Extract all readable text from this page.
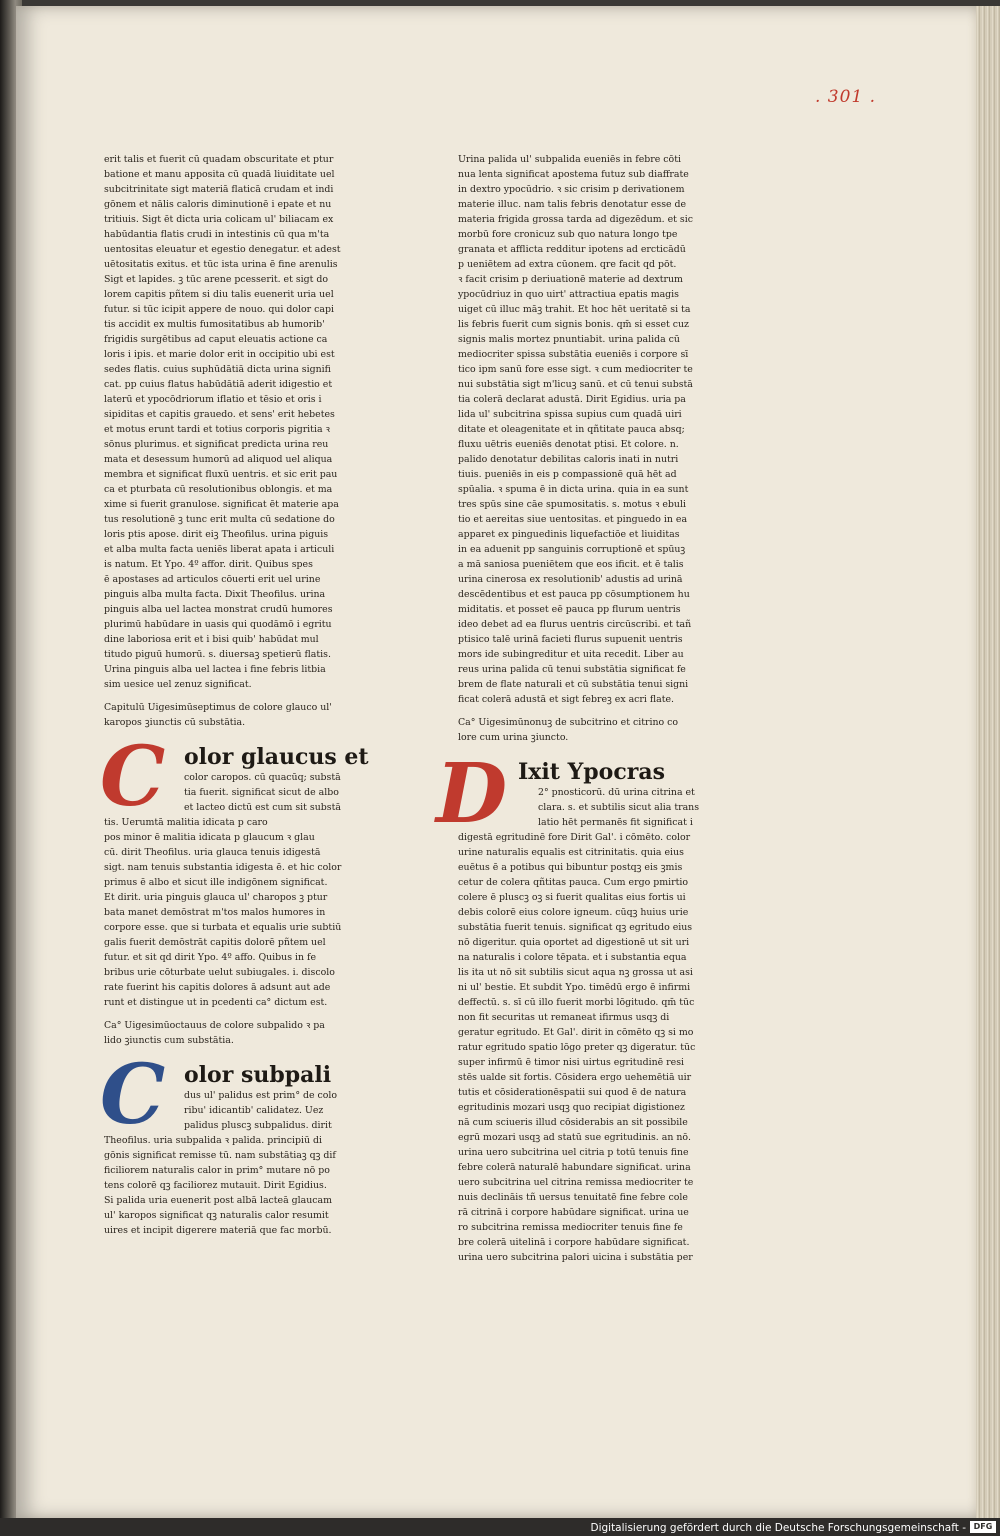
. 301 .
erit talis et fuerit cū quadam obscuritate et ptur
batione et manu apposita cū quadā liuiditate uel
subcitrinitate sigt materiā flaticā crudam et indi
gōnem et nālis caloris diminutionē i epate et nu
tritiuis. Sigt ēt dicta uria colicam ul' biliacam ex
habūdantia flatis crudi in intestinis cū qua m'ta
uentositas eleuatur et egestio denegatur. et adest
uētositatis exitus. et tūc ista urina ē fine arenulis
Sigt et lapides. ꝫ tūc arene pcesserit. et sigt do
lorem capitis pñtem si diu talis euenerit uria uel
futur. si tūc icipit appere de nouo. qui dolor capi
tis accidit ex multis fumositatibus ab humorib'
frigidis surgētibus ad caput eleuatis actione ca
loris i ipis. et marie dolor erit in occipitio ubi est
sedes flatis. cuius suphūdātiā dicta urina signifi
cat. pp cuius flatus habūdātiā aderit idigestio et
laterū et ypocōdriorum iflatio et tēsio et oris i
sipiditas et capitis grauedo. et sens' erit hebetes
et motus erunt tardi et totius corporis pigritia ꝛ
sōnus plurimus. et significat predicta urina reu
mata et desessum humorū ad aliquod uel aliqua
membra et significat fluxū uentris. et sic erit pau
ca et pturbata cū resolutionibus oblongis. et ma
xime si fuerit granulose. significat ēt materie apa
tus resolutionē ꝫ tunc erit multa cū sedatione do
loris ptis apose. dirit eiꝫ Theofilus. urina piguis
et alba multa facta ueniēs liberat apata i articuli
is natum. Et Ypo. 4º affor. dirit. Quibus spes
ē apostases ad articulos cōuerti erit uel urine
pinguis alba multa facta. Dixit Theofilus. urina
pinguis alba uel lactea monstrat crudū humores
plurimū habūdare in uasis qui quodāmō i egritu
dine laboriosa erit et i bisi quib' habūdat mul
titudo piguū humorū. s. diuersaꝫ spetierū flatis.
Urina pinguis alba uel lactea i fine febris litbia
sim uesice uel zenuz significat.
Capitulū Uigesimūseptimus de colore glauco ul'
karopos ꝫiunctis cū substātia.
C olor glaucus et
color caropos. cū quacūq; substā
tia fuerit. significat sicut de albo
et lacteo dictū est cum sit substā
tis. Uerumtā malitia idicata p caro
pos minor ē malitia idicata p glaucum ꝛ glau
cū. dirit Theofilus. uria glauca tenuis idigestā
sigt. nam tenuis substantia idigesta ē. et hic color
primus ē albo et sicut ille indigōnem significat.
Et dirit. uria pinguis glauca ul' charopos ꝫ ptur
bata manet demōstrat m'tos malos humores in
corpore esse. que si turbata et equalis urie subtiū
galis fuerit demōstrāt capitis dolorē pñtem uel
futur. et sit qd dirit Ypo. 4º affo. Quibus in fe
bribus urie cōturbate uelut subiugales. i. discolo
rate fuerint his capitis dolores ā adsunt aut ade
runt et distingue ut in pcedenti ca° dictum est.
Ca° Uigesimūoctauus de colore subpalido ꝛ pa
lido ꝫiunctis cum substātia.
C olor subpali
dus ul' palidus est prim° de colo
ribu' idicantib' calidatez. Uez
palidus pluscꝫ subpalidus. dirit
Theofilus. uria subpalida ꝛ palida. principiū di
gōnis significat remisse tū. nam substātiaꝫ qꝫ dif
ficiliorem naturalis calor in prim° mutare nō po
tens colorē qꝫ faciliorez mutauit. Dirit Egidius.
Si palida uria euenerit post albā lacteā glaucam
ul' karopos significat qꝫ naturalis calor resumit
uires et incipit digerere materiā que fac morbū.
Urina palida ul' subpalida eueniēs in febre cōti
nua lenta significat apostema futuz sub diaffrate
in dextro ypocūdrio. ꝛ sic crisim p derivationem
materie illuc. nam talis febris denotatur esse de
materia frigida grossa tarda ad digezēdum. et sic
morbū fore cronicuz sub quo natura longo tpe
granata et afflicta redditur ipotens ad ercticādū
p ueniētem ad extra cūonem. qre facit qd pōt.
ꝛ facit crisim p deriuationē materie ad dextrum
ypocūdriuz in quo uirt' attractiua epatis magis
uiget cū illuc māꝫ trahit. Et hoc hēt ueritatē si ta
lis febris fuerit cum signis bonis. qm̄ si esset cuz
signis malis mortez pnuntiabit. urina palida cū
mediocriter spissa substātia eueniēs i corpore sī
tico ipm sanū fore esse sigt. ꝛ cum mediocriter te
nui substātia sigt m'licuꝫ sanū. et cū tenui substā
tia colerā declarat adustā. Dirit Egidius. uria pa
lida ul' subcitrina spissa supius cum quadā uiri
ditate et oleagenitate et in qñtitate pauca absq;
fluxu uētris eueniēs denotat ptisi. Et colore. n.
palido denotatur debilitas caloris inati in nutri
tiuis. pueniēs in eis p compassionē quā hēt ad
spūalia. ꝛ spuma ē in dicta urina. quia in ea sunt
tres spūs sine cāe spumositatis. s. motus ꝛ ebuli
tio et aereitas siue uentositas. et pinguedo in ea
apparet ex pinguedinis liquefactiōe et liuiditas
in ea aduenit pp sanguinis corruptionē et spūuꝫ
a mā saniosa pueniētem que eos ificit. et ē talis
urina cinerosa ex resolutionib' adustis ad urinā
descēdentibus et est pauca pp cōsumptionem hu
miditatis. et posset eē pauca pp flurum uentris
ideo debet ad ea flurus uentris circūscribi. et tañ
ptisico talē urinā facieti flurus supuenit uentris
mors ide subingreditur et uita recedit. Liber au
reus urina palida cū tenui substātia significat fe
brem de flate naturali et cū substātia tenui signi
ficat colerā adustā et sigt febreꝫ ex acri flate.
Ca° Uigesimūnonuꝫ de subcitrino et citrino co
lore cum urina ꝫiuncto.
D Ixit Ypocras
2° pnosticorū. dū urina citrina et
clara. s. et subtilis sicut alia trans
latio hēt permanēs fit significat i
digestā egritudinē fore Dirit Gal'. i cōmēto. color
urine naturalis equalis est citrinitatis. quia eius
euētus ē a potibus qui bibuntur postqꝫ eis ꝫmis
cetur de colera qñtitas pauca. Cum ergo pmirtio
colere ē pluscꝫ oꝫ si fuerit qualitas eius fortis ui
debis colorē eius colore igneum. cūqꝫ huius urie
substātia fuerit tenuis. significat qꝫ egritudo eius
nō digeritur. quia oportet ad digestionē ut sit uri
na naturalis i colore tēpata. et i substantia equa
lis ita ut nō sit subtilis sicut aqua nꝫ grossa ut asi
ni ul' bestie. Et subdit Ypo. timēdū ergo ē infirmi
deffectū. s. sī cū illo fuerit morbi lōgitudo. qm̄ tūc
non fit securitas ut remaneat ifirmus usqꝫ di
geratur egritudo. Et Gal'. dirit in cōmēto qꝫ si mo
ratur egritudo spatio lōgo preter qꝫ digeratur. tūc
super infirmū ē timor nisi uirtus egritudinē resi
stēs ualde sit fortis. Cōsidera ergo uehemētiā uir
tutis et cōsiderationēspatii sui quod ē de natura
egritudinis mozari usqꝫ quo recipiat digistionez
nā cum sciueris illud cōsiderabis an sit possibile
egrū mozari usqꝫ ad statū sue egritudinis. an nō.
urina uero subcitrina uel citria p totū tenuis fine
febre colerā naturalē habundare significat. urina
uero subcitrina uel citrina remissa mediocriter te
nuis declināis tñ uersus tenuitatē fine febre cole
rā citrinā i corpore habūdare significat. urina ue
ro subcitrina remissa mediocriter tenuis fine fe
bre colerā uitelinā i corpore habūdare significat.
urina uero subcitrina palori uicina i substātia per
Digitalisierung gefördert durch die Deutsche Forschungsgemeinschaft - DFG
